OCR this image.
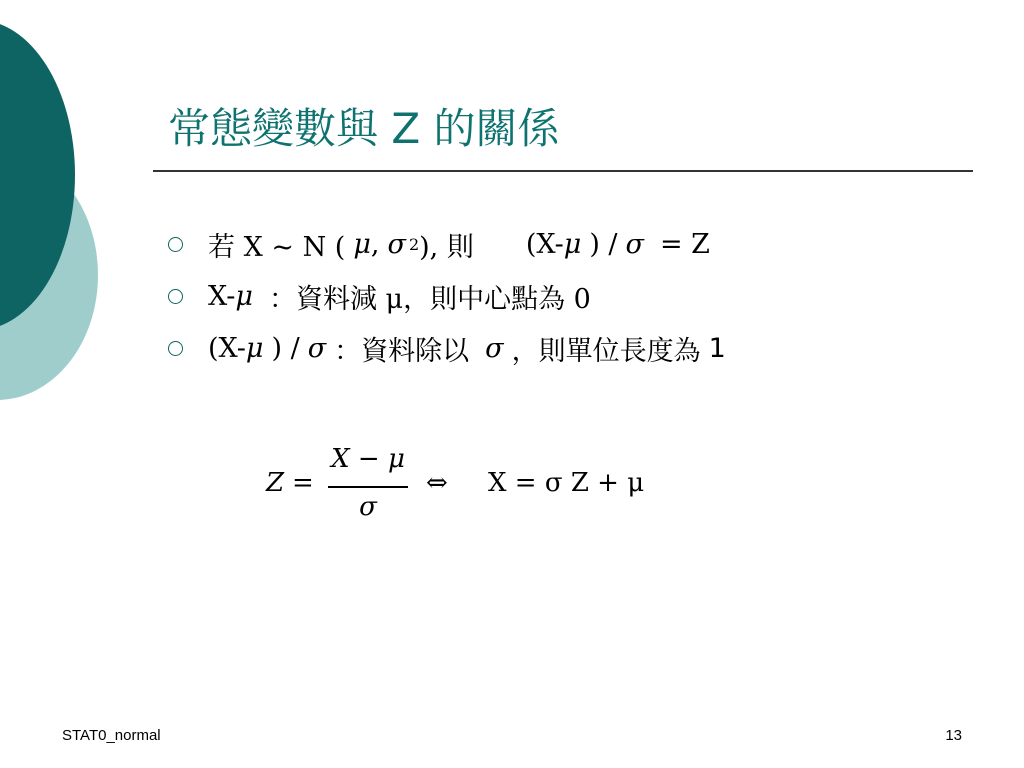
常態變數與 Z 的關係
若 X ~ N ( μ , σ 2 ), 則 (X- μ ) / σ = Z
X- μ ：資料減 μ，則中心點為 0
(X- μ ) / σ ：資料除以 σ ，則單位長度為 1
Z =
X − μ
σ
⇔ X = σ Z + μ
STAT0_normal	13
